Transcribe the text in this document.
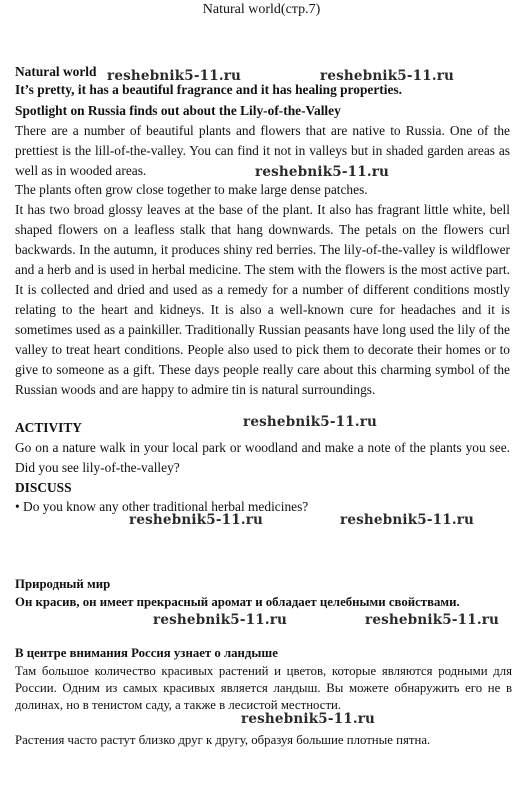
Natural world(стр.7)
Natural world
It’s pretty, it has a beautiful fragrance and it has healing properties.
Spotlight on Russia finds out about the Lily-of-the-Valley
There are a number of beautiful plants and flowers that are native to Russia. One of the prettiest is the lill-of-the-valley. You can find it not in valleys but in shaded garden areas as well as in wooded areas.
The plants often grow close together to make large dense patches.
It has two broad glossy leaves at the base of the plant. It also has fragrant little white, bell shaped flowers on a leafless stalk that hang downwards. The petals on the flowers curl backwards. In the autumn, it produces shiny red berries. The lily-of-the-valley is wildflower and a herb and is used in herbal medicine. The stem with the flowers is the most active part. It is collected and dried and used as a remedy for a number of different conditions mostly relating to the heart and kidneys. It is also a well-known cure for headaches and it is sometimes used as a painkiller. Traditionally Russian peasants have long used the lily of the valley to treat heart conditions. People also used to pick them to decorate their homes or to give to someone as a gift. These days people really care about this charming symbol of the Russian woods and are happy to admire tin is natural surroundings.
ACTIVITY
Go on a nature walk in your local park or woodland and make a note of the plants you see. Did you see lily-of-the-valley?
DISCUSS
• Do you know any other traditional herbal medicines?
Природный мир
Он красив, он имеет прекрасный аромат и обладает целебными свойствами.
В центре внимания Россия узнает о ландыше
Там большое количество красивых растений и цветов, которые являются родными для России. Одним из самых красивых является ландыш. Вы можете обнаружить его не в долинах, но в тенистом саду, а также в лесистой местности.
Растения часто растут близко друг к другу, образуя большие плотные пятна.
reshebnik5-11.ru	reshebnik5-11.ru
reshebnik5-11.ru
reshebnik5-11.ru
reshebnik5-11.ru	reshebnik5-11.ru
reshebnik5-11.ru	reshebnik5-11.ru
reshebnik5-11.ru
